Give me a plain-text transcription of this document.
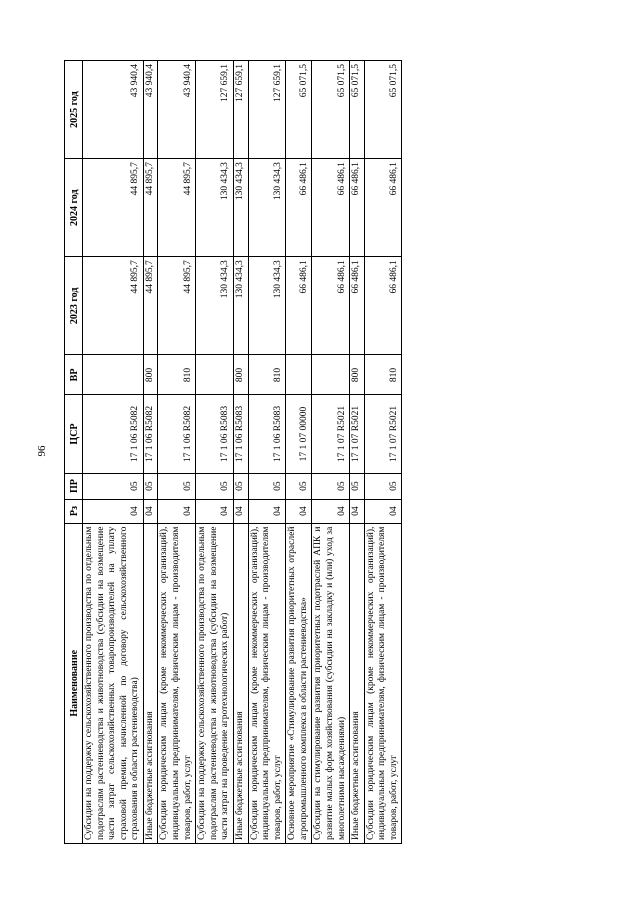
96
Наименование	Рз	ПР	ЦСР	ВР	2023 год	2024 год	2025 год
Субсидии на поддержку сельскохозяйственного производства по отдельным подотраслям растениеводства и животноводства (субсидии на возмещение части затрат сельскохозяйственных товаропроизводителей на уплату страховой премии, начисленной по договору сельскохозяйственного страхования в области растениеводства)	04	05	17 1 06 R5082		44 895,7	44 895,7	43 940,4
Иные бюджетные ассигнования	04	05	17 1 06 R5082	800	44 895,7	44 895,7	43 940,4
Субсидии юридическим лицам (кроме некоммерческих организаций), индивидуальным предпринимателям, физическим лицам - производителям товаров, работ, услуг	04	05	17 1 06 R5082	810	44 895,7	44 895,7	43 940,4
Субсидии на поддержку сельскохозяйственного производства по отдельным подотраслям растениеводства и животноводства (субсидии на возмещение части затрат на проведение агротехнологических работ)	04	05	17 1 06 R5083		130 434,3	130 434,3	127 659,1
Иные бюджетные ассигнования	04	05	17 1 06 R5083	800	130 434,3	130 434,3	127 659,1
Субсидии юридическим лицам (кроме некоммерческих организаций), индивидуальным предпринимателям, физическим лицам - производителям товаров, работ, услуг	04	05	17 1 06 R5083	810	130 434,3	130 434,3	127 659,1
Основное мероприятие «Стимулирование развития приоритетных отраслей агропромышленного комплекса в области растениеводства»	04	05	17 1 07 00000		66 486,1	66 486,1	65 071,5
Субсидии на стимулирование развития приоритетных подотраслей АПК и развитие малых форм хозяйствования (субсидии на закладку и (или) уход за многолетними насаждениями)	04	05	17 1 07 R5021		66 486,1	66 486,1	65 071,5
Иные бюджетные ассигнования	04	05	17 1 07 R5021	800	66 486,1	66 486,1	65 071,5
Субсидии юридическим лицам (кроме некоммерческих организаций), индивидуальным предпринимателям, физическим лицам - производителям товаров, работ, услуг	04	05	17 1 07 R5021	810	66 486,1	66 486,1	65 071,5
